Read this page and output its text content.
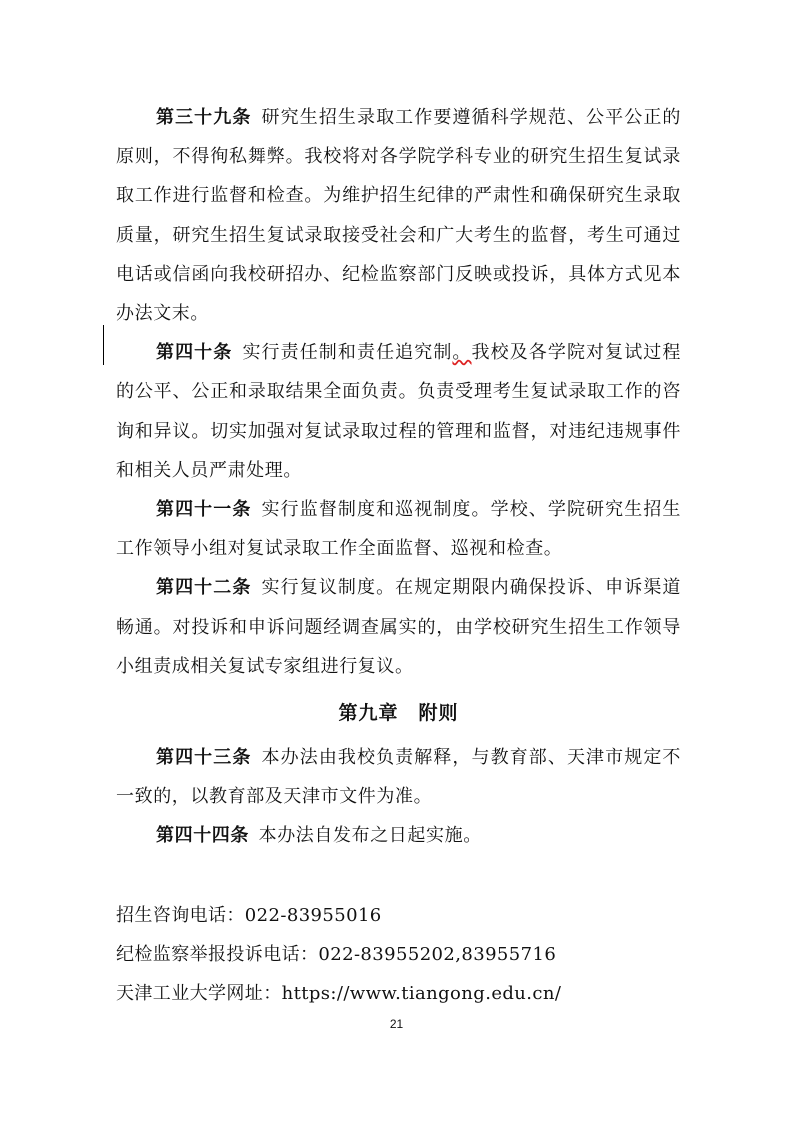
第三十九条  研究生招生录取工作要遵循科学规范、公平公正的原则，不得徇私舞弊。我校将对各学院学科专业的研究生招生复试录取工作进行监督和检查。为维护招生纪律的严肃性和确保研究生录取质量，研究生招生复试录取接受社会和广大考生的监督，考生可通过电话或信函向我校研招办、纪检监察部门反映或投诉，具体方式见本办法文末。

第四十条  实行责任制和责任追究制。我校及各学院对复试过程的公平、公正和录取结果全面负责。负责受理考生复试录取工作的咨询和异议。切实加强对复试录取过程的管理和监督，对违纪违规事件和相关人员严肃处理。

第四十一条  实行监督制度和巡视制度。学校、学院研究生招生工作领导小组对复试录取工作全面监督、巡视和检查。

第四十二条  实行复议制度。在规定期限内确保投诉、申诉渠道畅通。对投诉和申诉问题经调查属实的，由学校研究生招生工作领导小组责成相关复试专家组进行复议。

第九章　附则

第四十三条  本办法由我校负责解释，与教育部、天津市规定不一致的，以教育部及天津市文件为准。

第四十四条  本办法自发布之日起实施。

招生咨询电话：022-83955016

纪检监察举报投诉电话：022-83955202,83955716

天津工业大学网址：https://www.tiangong.edu.cn/

21
